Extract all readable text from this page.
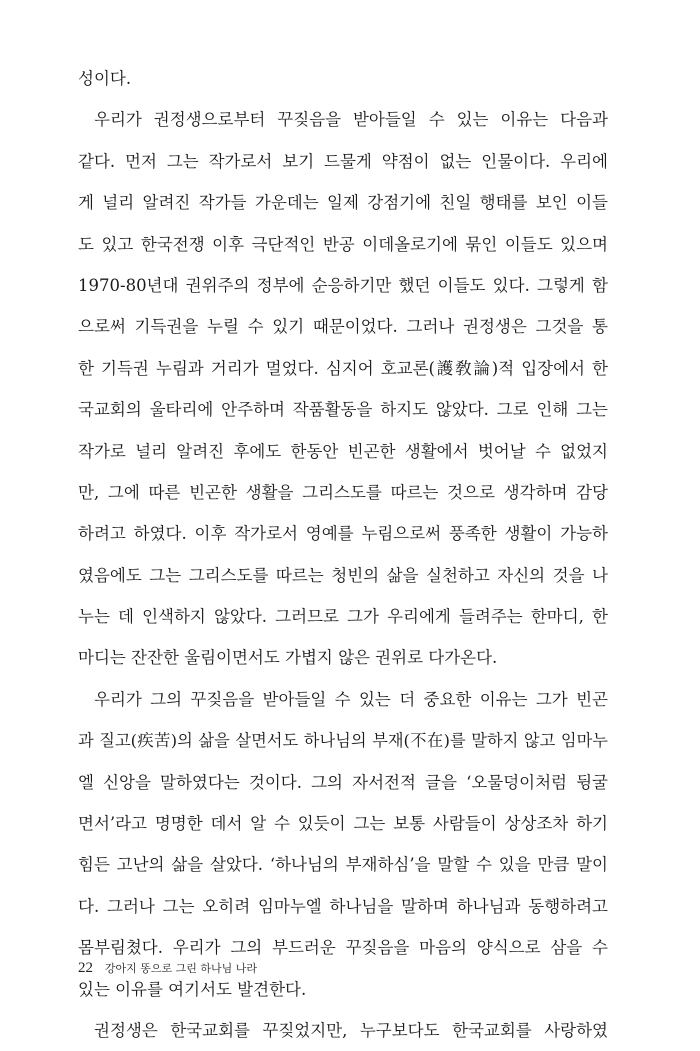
성이다.
우리가 권정생으로부터 꾸짖음을 받아들일 수 있는 이유는 다음과
같다. 먼저 그는 작가로서 보기 드물게 약점이 없는 인물이다. 우리에
게 널리 알려진 작가들 가운데는 일제 강점기에 친일 행태를 보인 이들
도 있고 한국전쟁 이후 극단적인 반공 이데올로기에 묶인 이들도 있으며
1970-80년대 권위주의 정부에 순응하기만 했던 이들도 있다. 그렇게 함
으로써 기득권을 누릴 수 있기 때문이었다. 그러나 권정생은 그것을 통
한 기득권 누림과 거리가 멀었다. 심지어 호교론(護敎論)적 입장에서 한
국교회의 울타리에 안주하며 작품활동을 하지도 않았다. 그로 인해 그는
작가로 널리 알려진 후에도 한동안 빈곤한 생활에서 벗어날 수 없었지
만, 그에 따른 빈곤한 생활을 그리스도를 따르는 것으로 생각하며 감당
하려고 하였다. 이후 작가로서 영예를 누림으로써 풍족한 생활이 가능하
였음에도 그는 그리스도를 따르는 청빈의 삶을 실천하고 자신의 것을 나
누는 데 인색하지 않았다. 그러므로 그가 우리에게 들려주는 한마디, 한
마디는 잔잔한 울림이면서도 가볍지 않은 권위로 다가온다.
우리가 그의 꾸짖음을 받아들일 수 있는 더 중요한 이유는 그가 빈곤
과 질고(疾苦)의 삶을 살면서도 하나님의 부재(不在)를 말하지 않고 임마누
엘 신앙을 말하였다는 것이다. 그의 자서전적 글을 ‘오물덩이처럼 뒹굴
면서’라고 명명한 데서 알 수 있듯이 그는 보통 사람들이 상상조차 하기
힘든 고난의 삶을 살았다. ‘하나님의 부재하심’을 말할 수 있을 만큼 말이
다. 그러나 그는 오히려 임마누엘 하나님을 말하며 하나님과 동행하려고
몸부림쳤다. 우리가 그의 부드러운 꾸짖음을 마음의 양식으로 삼을 수
있는 이유를 여기서도 발견한다.
권정생은 한국교회를 꾸짖었지만, 누구보다도 한국교회를 사랑하였
22 강아지 똥으로 그린 하나님 나라
